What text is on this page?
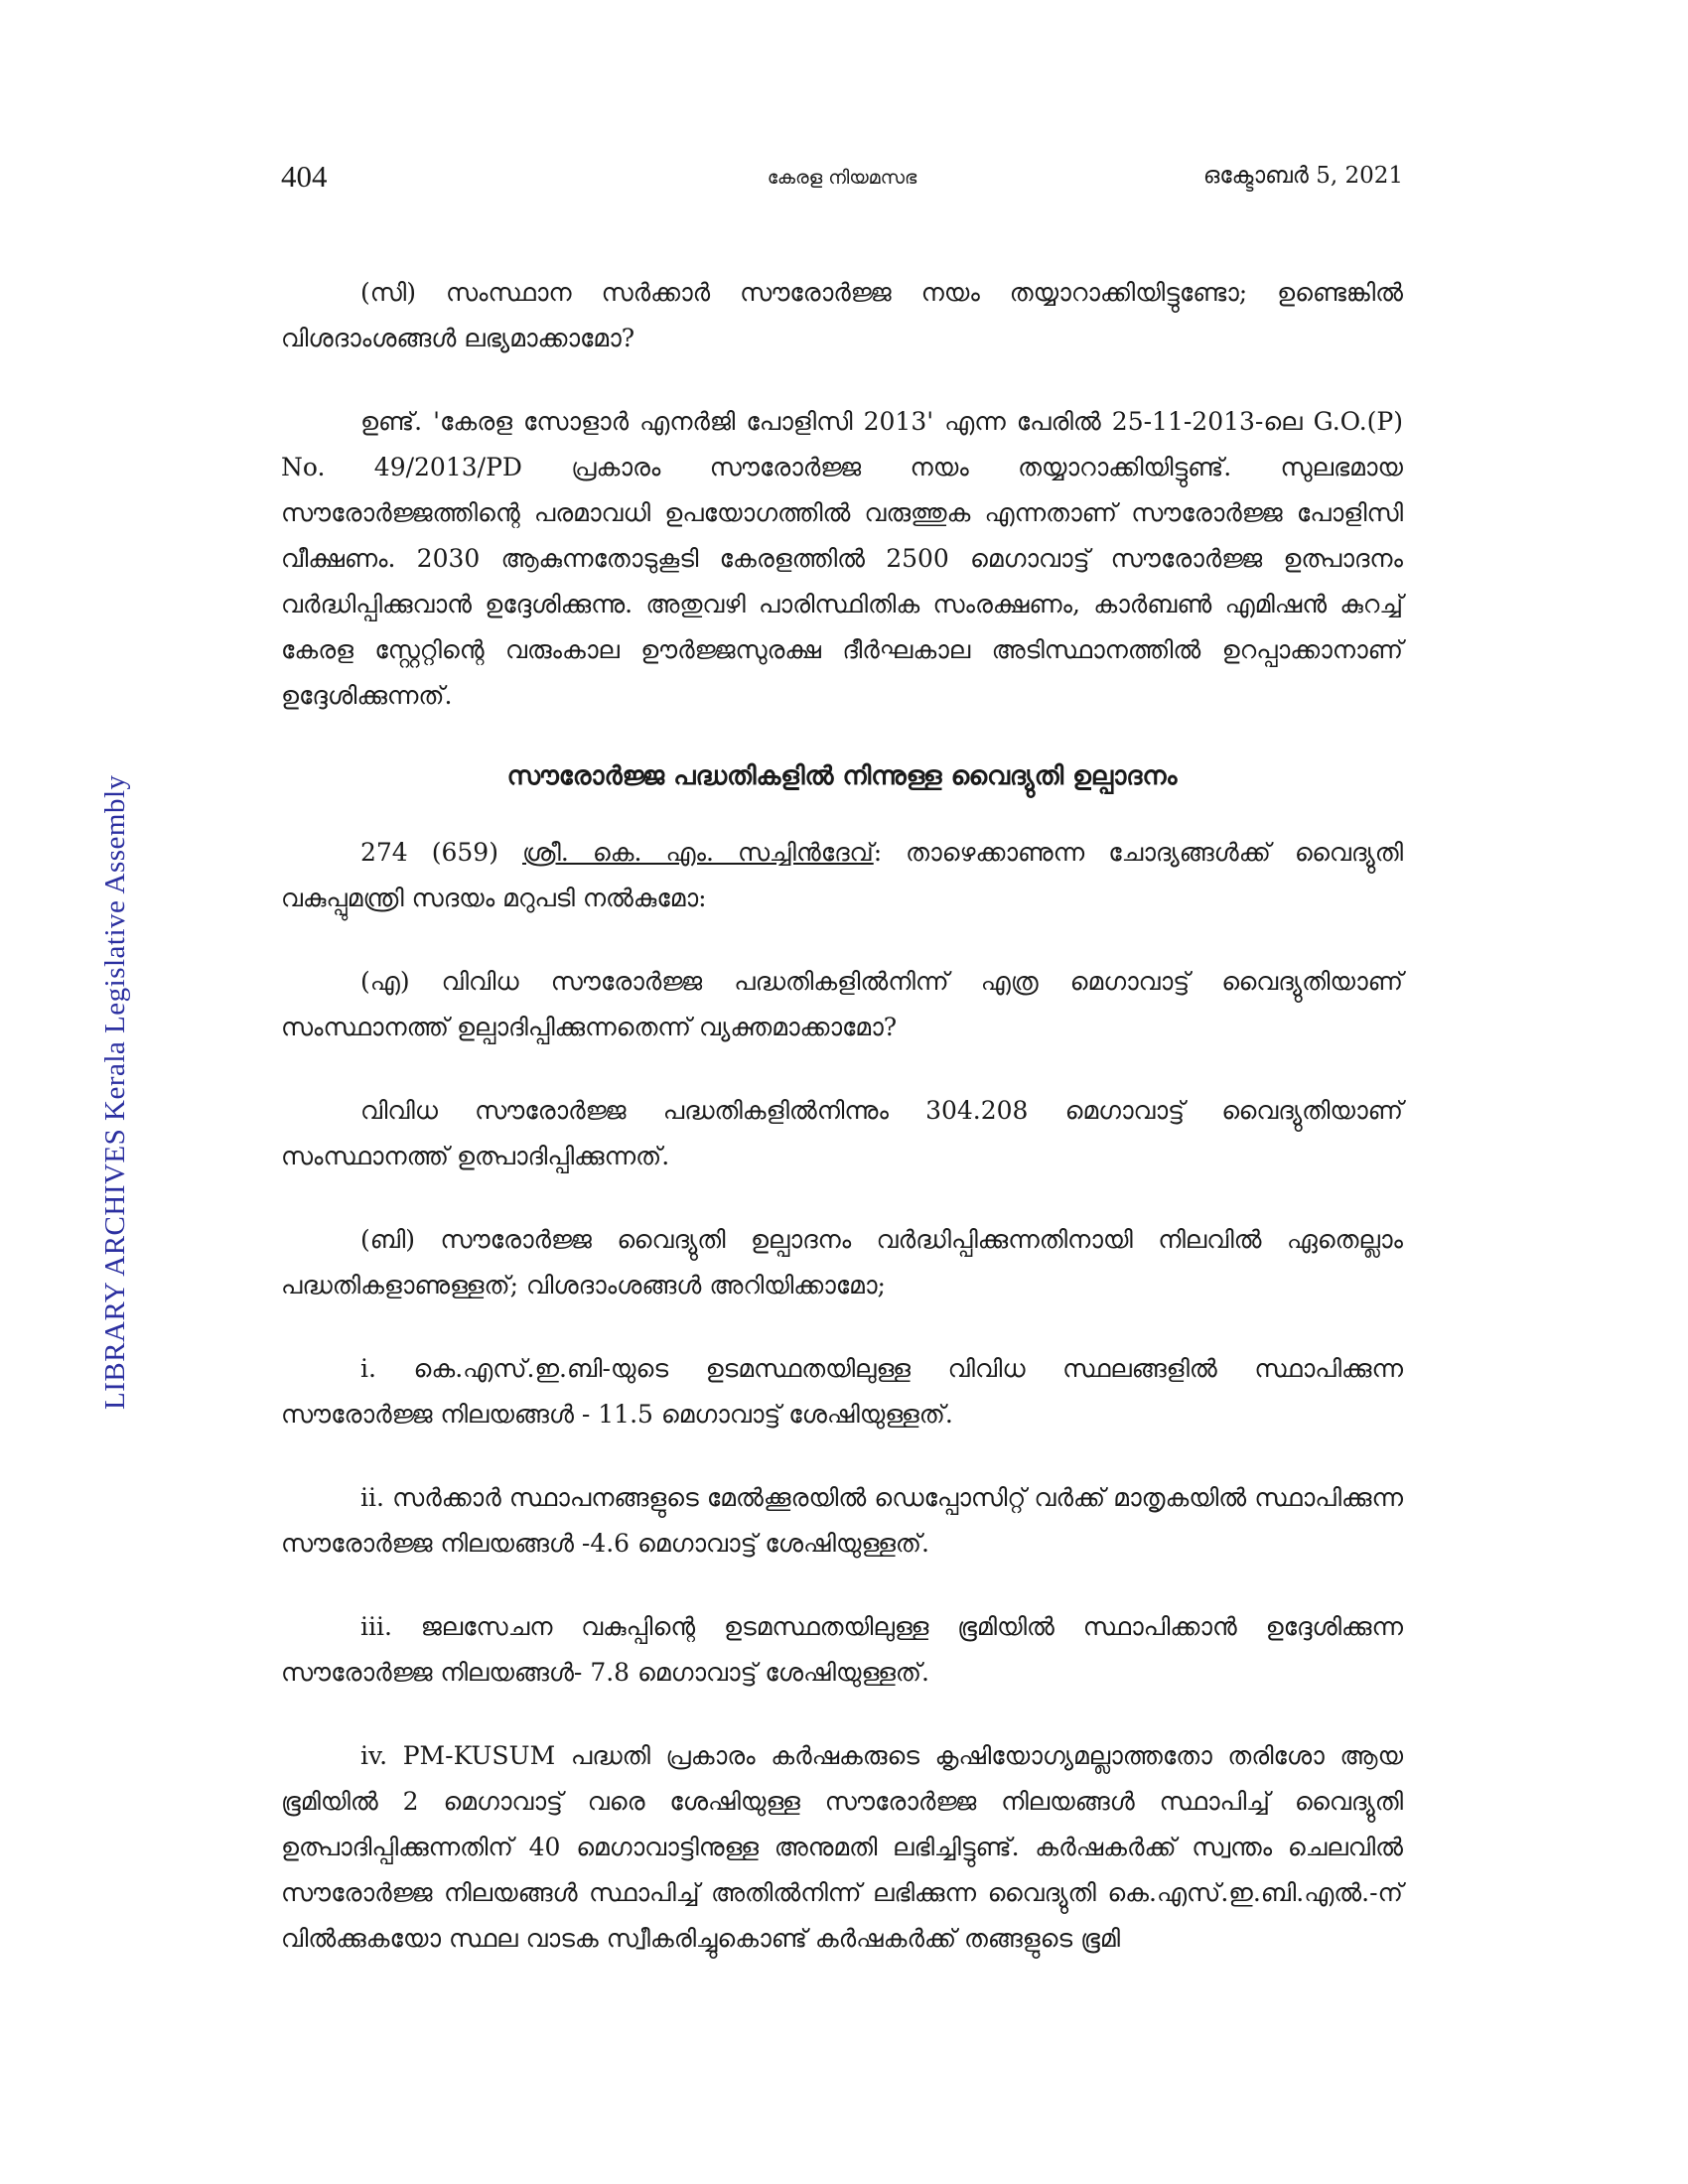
LIBRARY ARCHIVES Kerala Legislative Assembly
404	കേരള നിയമസഭ	ഒക്ടോബർ 5, 2021

(സി) സംസ്ഥാന സർക്കാർ സൗരോർജ്ജ നയം തയ്യാറാക്കിയിട്ടുണ്ടോ; ഉണ്ടെങ്കിൽ വിശദാംശങ്ങൾ ലഭ്യമാക്കാമോ?

ഉണ്ട്. 'കേരള സോളാർ എനർജി പോളിസി 2013' എന്ന പേരിൽ 25-11-2013-ലെ G.O.(P) No. 49/2013/PD പ്രകാരം സൗരോർജ്ജ നയം തയ്യാറാക്കിയിട്ടുണ്ട്. സുലഭമായ സൗരോർജ്ജത്തിന്റെ പരമാവധി ഉപയോഗത്തിൽ വരുത്തുക എന്നതാണ് സൗരോർജ്ജ പോളിസി വീക്ഷണം. 2030 ആകുന്നതോടുകൂടി കേരളത്തിൽ 2500 മെഗാവാട്ട് സൗരോർജ്ജ ഉത്പാദനം വർദ്ധിപ്പിക്കുവാൻ ഉദ്ദേശിക്കുന്നു. അതുവഴി പാരിസ്ഥിതിക സംരക്ഷണം, കാർബൺ എമിഷൻ കുറച്ച് കേരള സ്റ്റേറ്റിന്റെ വരുംകാല ഊർജ്ജസുരക്ഷ ദീർഘകാല അടിസ്ഥാനത്തിൽ ഉറപ്പാക്കാനാണ് ഉദ്ദേശിക്കുന്നത്.

സൗരോർജ്ജ പദ്ധതികളിൽ നിന്നുള്ള വൈദ്യുതി ഉല്പാദനം

274 (659) ശ്രീ. കെ. എം. സച്ചിൻദേവ്: താഴെക്കാണുന്ന ചോദ്യങ്ങൾക്ക് വൈദ്യുതി വകുപ്പുമന്ത്രി സദയം മറുപടി നൽകുമോ:

(എ) വിവിധ സൗരോർജ്ജ പദ്ധതികളിൽനിന്ന് എത്ര മെഗാവാട്ട് വൈദ്യുതിയാണ് സംസ്ഥാനത്ത് ഉല്പാദിപ്പിക്കുന്നതെന്ന് വ്യക്തമാക്കാമോ?

വിവിധ സൗരോർജ്ജ പദ്ധതികളിൽനിന്നും 304.208 മെഗാവാട്ട് വൈദ്യുതിയാണ് സംസ്ഥാനത്ത് ഉത്പാദിപ്പിക്കുന്നത്.

(ബി) സൗരോർജ്ജ വൈദ്യുതി ഉല്പാദനം വർദ്ധിപ്പിക്കുന്നതിനായി നിലവിൽ ഏതെല്ലാം പദ്ധതികളാണുള്ളത്; വിശദാംശങ്ങൾ അറിയിക്കാമോ;

i. കെ.എസ്.ഇ.ബി-യുടെ ഉടമസ്ഥതയിലുള്ള വിവിധ സ്ഥലങ്ങളിൽ സ്ഥാപിക്കുന്ന സൗരോർജ്ജ നിലയങ്ങൾ - 11.5 മെഗാവാട്ട് ശേഷിയുള്ളത്.

ii. സർക്കാർ സ്ഥാപനങ്ങളുടെ മേൽക്കൂരയിൽ ഡെപ്പോസിറ്റ് വർക്ക് മാതൃകയിൽ സ്ഥാപിക്കുന്ന സൗരോർജ്ജ നിലയങ്ങൾ -4.6 മെഗാവാട്ട് ശേഷിയുള്ളത്.

iii. ജലസേചന വകുപ്പിന്റെ ഉടമസ്ഥതയിലുള്ള ഭൂമിയിൽ സ്ഥാപിക്കാൻ ഉദ്ദേശിക്കുന്ന സൗരോർജ്ജ നിലയങ്ങൾ- 7.8 മെഗാവാട്ട് ശേഷിയുള്ളത്.

iv. PM-KUSUM പദ്ധതി പ്രകാരം കർഷകരുടെ കൃഷിയോഗ്യമല്ലാത്തതോ തരിശോ ആയ ഭൂമിയിൽ 2 മെഗാവാട്ട് വരെ ശേഷിയുള്ള സൗരോർജ്ജ നിലയങ്ങൾ സ്ഥാപിച്ച് വൈദ്യുതി ഉത്പാദിപ്പിക്കുന്നതിന് 40 മെഗാവാട്ടിനുള്ള അനുമതി ലഭിച്ചിട്ടുണ്ട്. കർഷകർക്ക് സ്വന്തം ചെലവിൽ സൗരോർജ്ജ നിലയങ്ങൾ സ്ഥാപിച്ച് അതിൽനിന്ന് ലഭിക്കുന്ന വൈദ്യുതി കെ.എസ്.ഇ.ബി.എൽ.-ന് വിൽക്കുകയോ സ്ഥല വാടക സ്വീകരിച്ചുകൊണ്ട് കർഷകർക്ക് തങ്ങളുടെ ഭൂമി
